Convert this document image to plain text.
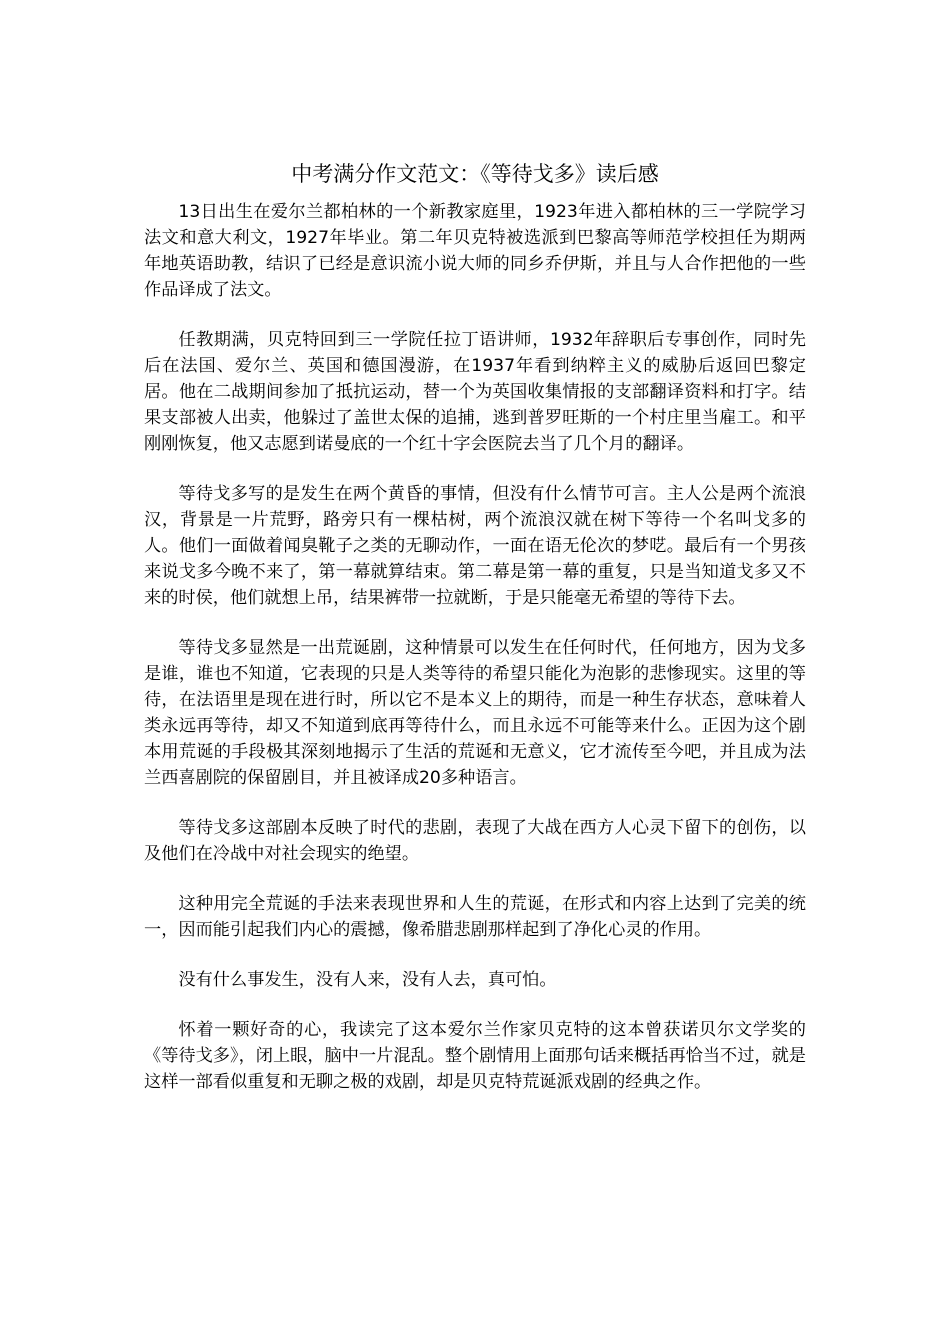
中考满分作文范文：《等待戈多》读后感

13日出生在爱尔兰都柏林的一个新教家庭里，1923年进入都柏林的三一学院学习法文和意大利文，1927年毕业。第二年贝克特被选派到巴黎高等师范学校担任为期两年地英语助教，结识了已经是意识流小说大师的同乡乔伊斯，并且与人合作把他的一些作品译成了法文。

任教期满，贝克特回到三一学院任拉丁语讲师，1932年辞职后专事创作，同时先后在法国、爱尔兰、英国和德国漫游，在1937年看到纳粹主义的威胁后返回巴黎定居。他在二战期间参加了抵抗运动，替一个为英国收集情报的支部翻译资料和打字。结果支部被人出卖，他躲过了盖世太保的追捕，逃到普罗旺斯的一个村庄里当雇工。和平刚刚恢复，他又志愿到诺曼底的一个红十字会医院去当了几个月的翻译。

等待戈多写的是发生在两个黄昏的事情，但没有什么情节可言。主人公是两个流浪汉，背景是一片荒野，路旁只有一棵枯树，两个流浪汉就在树下等待一个名叫戈多的人。他们一面做着闻臭靴子之类的无聊动作，一面在语无伦次的梦呓。最后有一个男孩来说戈多今晚不来了，第一幕就算结束。第二幕是第一幕的重复，只是当知道戈多又不来的时侯，他们就想上吊，结果裤带一拉就断，于是只能毫无希望的等待下去。

等待戈多显然是一出荒诞剧，这种情景可以发生在任何时代，任何地方，因为戈多是谁，谁也不知道，它表现的只是人类等待的希望只能化为泡影的悲惨现实。这里的等待，在法语里是现在进行时，所以它不是本义上的期待，而是一种生存状态，意味着人类永远再等待，却又不知道到底再等待什么，而且永远不可能等来什么。正因为这个剧本用荒诞的手段极其深刻地揭示了生活的荒诞和无意义，它才流传至今吧，并且成为法兰西喜剧院的保留剧目，并且被译成20多种语言。

等待戈多这部剧本反映了时代的悲剧，表现了大战在西方人心灵下留下的创伤，以及他们在冷战中对社会现实的绝望。

这种用完全荒诞的手法来表现世界和人生的荒诞，在形式和内容上达到了完美的统一，因而能引起我们内心的震撼，像希腊悲剧那样起到了净化心灵的作用。

没有什么事发生，没有人来，没有人去，真可怕。

怀着一颗好奇的心，我读完了这本爱尔兰作家贝克特的这本曾获诺贝尔文学奖的《等待戈多》，闭上眼，脑中一片混乱。整个剧情用上面那句话来概括再恰当不过，就是这样一部看似重复和无聊之极的戏剧，却是贝克特荒诞派戏剧的经典之作。
